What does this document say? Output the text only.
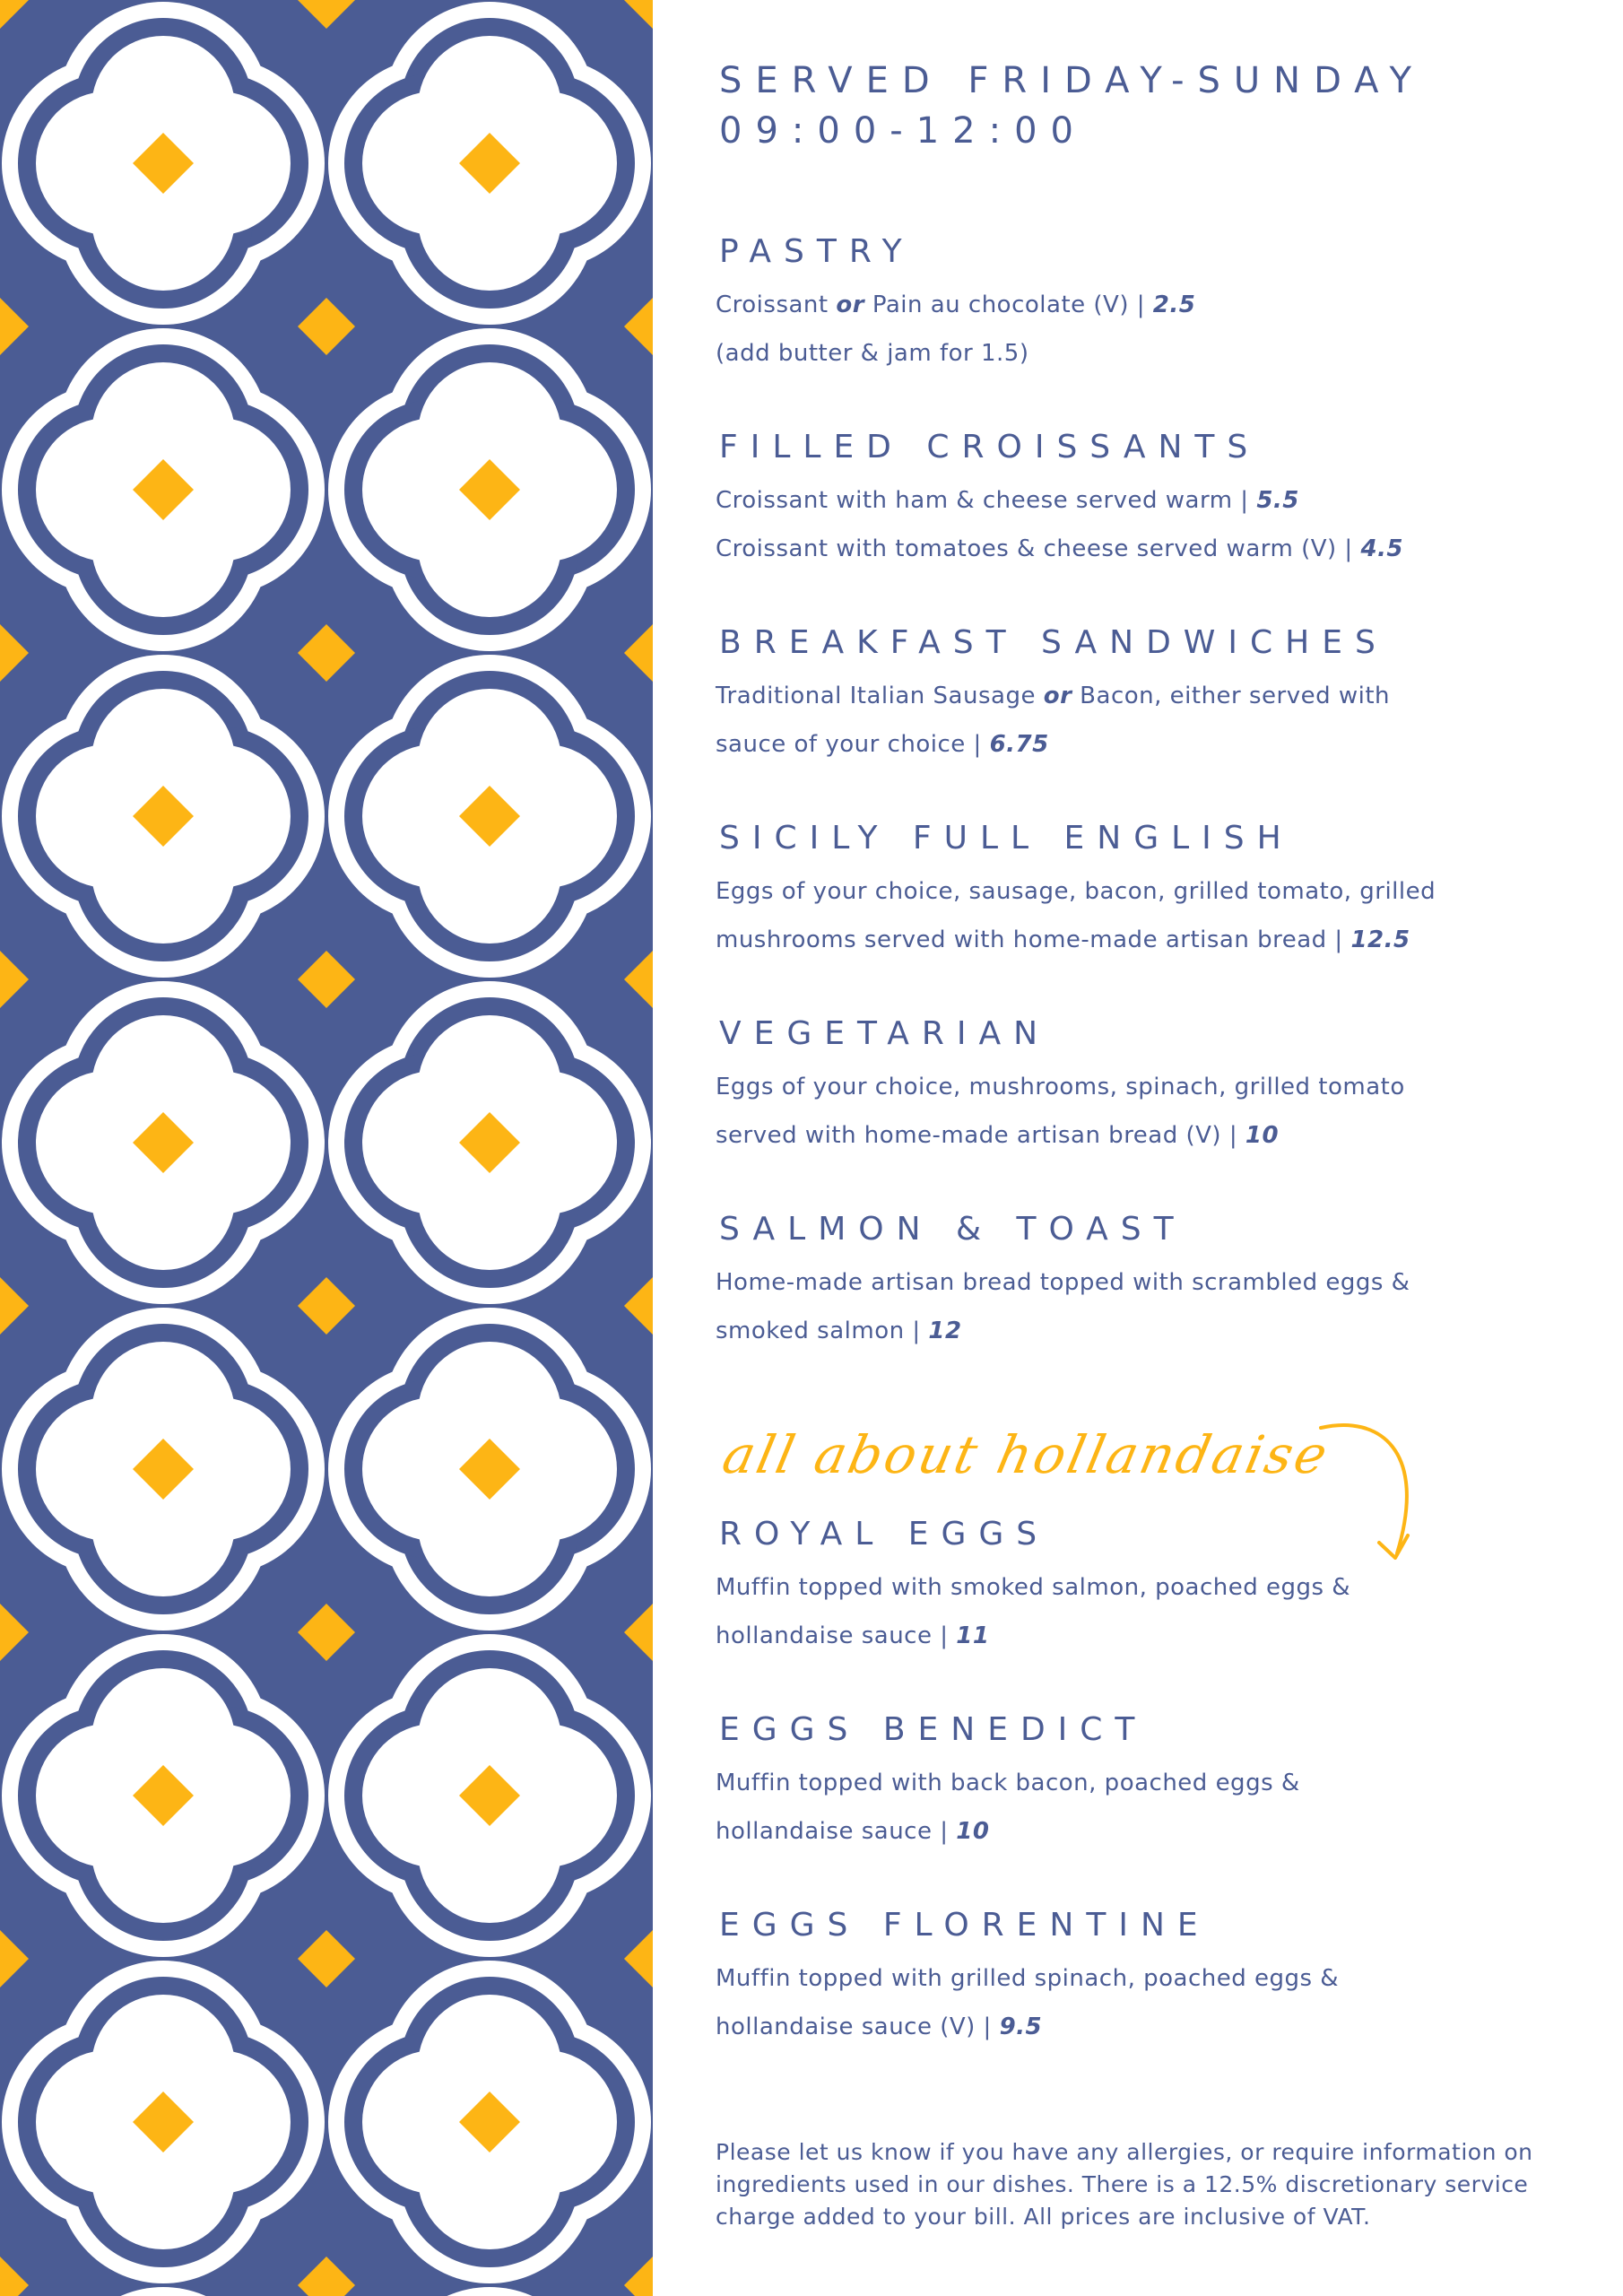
SERVED FRIDAY-SUNDAY
09:00-12:00
PASTRY
Croissant or Pain au chocolate (V) | 2.5
(add butter & jam for 1.5)
FILLED CROISSANTS
Croissant with ham & cheese served warm | 5.5
Croissant with tomatoes & cheese served warm (V) | 4.5
BREAKFAST SANDWICHES
Traditional Italian Sausage or Bacon, either served with
sauce of your choice | 6.75
SICILY FULL ENGLISH
Eggs of your choice, sausage, bacon, grilled tomato, grilled
mushrooms served with home-made artisan bread | 12.5
VEGETARIAN
Eggs of your choice, mushrooms, spinach, grilled tomato
served with home-made artisan bread (V) | 10
SALMON & TOAST
Home-made artisan bread topped with scrambled eggs &
smoked salmon | 12
ROYAL EGGS
Muffin topped with smoked salmon, poached eggs &
hollandaise sauce | 11
EGGS BENEDICT
Muffin topped with back bacon, poached eggs &
hollandaise sauce | 10
EGGS FLORENTINE
Muffin topped with grilled spinach, poached eggs &
hollandaise sauce (V) | 9.5
all about hollandaise
Please let us know if you have any allergies, or require information on
ingredients used in our dishes. There is a 12.5% discretionary service
charge added to your bill. All prices are inclusive of VAT.
